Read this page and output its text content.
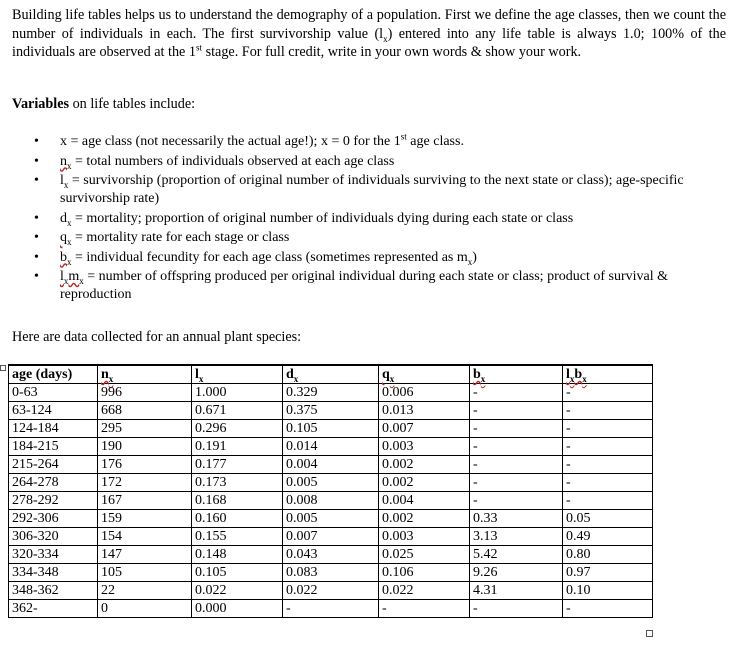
Building life tables helps us to understand the demography of a population. First we define the age classes, then we count the number of individuals in each. The first survivorship value $(l_x)$ entered into any life table is always 1.0; 100% of the individuals are observed at the 1st stage. For full credit, write in your own words & show your work.
Variables on life tables include:
• x = age class (not necessarily the actual age!); x = 0 for the 1st age class.
• $n_x$ = total numbers of individuals observed at each age class
• $l_x$ = survivorship (proportion of original number of individuals surviving to the next state or class); age-specific survivorship rate)
• $d_x$ = mortality; proportion of original number of individuals dying during each state or class
• $q_x$ = mortality rate for each stage or class
• $b_x$ = individual fecundity for each age class (sometimes represented as $m_x$)
• $l_xm_x$ = number of offspring produced per original individual during each state or class; product of survival & reproduction
Here are data collected for an annual plant species:
age (days)	$n_x$	$l_x$	$d_x$	$q_x$	$b_x$	$l_xb_x$
0-63	996	1.000	0.329	0.006	-	-
63-124	668	0.671	0.375	0.013	-	-
124-184	295	0.296	0.105	0.007	-	-
184-215	190	0.191	0.014	0.003	-	-
215-264	176	0.177	0.004	0.002	-	-
264-278	172	0.173	0.005	0.002	-	-
278-292	167	0.168	0.008	0.004	-	-
292-306	159	0.160	0.005	0.002	0.33	0.05
306-320	154	0.155	0.007	0.003	3.13	0.49
320-334	147	0.148	0.043	0.025	5.42	0.80
334-348	105	0.105	0.083	0.106	9.26	0.97
348-362	22	0.022	0.022	0.022	4.31	0.10
362-	0	0.000	-	-	-	-
